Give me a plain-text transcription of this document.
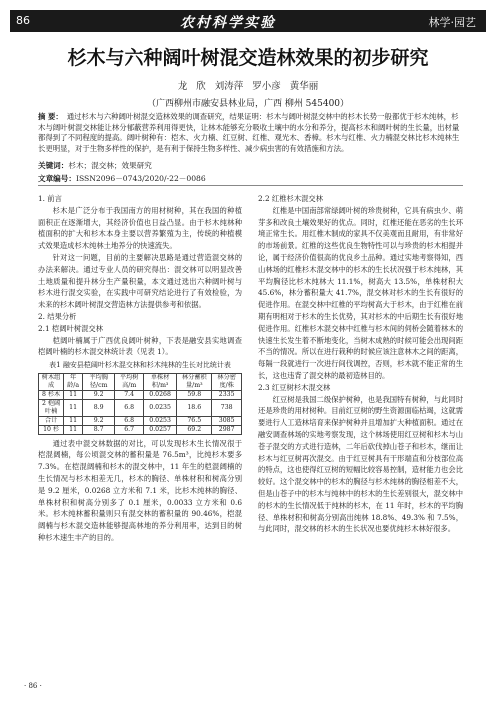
86	农村科学实验	林学·园艺
杉木与六种阔叶树混交造林效果的初步研究
龙 欣 刘涛萍 罗小彦 黄华丽
（广西柳州市融安县林业局，广西 柳州 545400）
摘 要： 通过杉木与六种阔叶树混交造林效果的调查研究，结果证明：杉木与阔叶树混交林中的杉木长势一般都优于杉木纯林，杉木与阔叶树混交林能让林分郁蔽营养利用得更快，让林木能够充分吸收土壤中的水分和养分，提高杉木和阔叶树的生长量，出材量都得到了不同程度的提高。阔叶树种有：桤木、火力楠、红豆树、红椎、观光木、香樟。杉木与红椎、火力楠混交林比杉木纯林生长更明显，对于生物多样性的保护，是有利于保持生物多样性、减少病虫害的有效措施和方法。
关键词：杉木；混交林；效果研究
文章编号：ISSN2096－0743/2020/-22－0086
1. 前言

杉木是广泛分布于我国南方的用材树种，其在我国的种植面积正在逐渐增大，其经济价值也日益凸显。由于杉木纯林种植面积的扩大和杉木本身主要以营养繁殖为主，传统的种植模式效果造成杉木纯林土地养分的快速流失。

针对这一问题，目前的主要解决思路是通过营造混交林的办法来解决。通过专业人员的研究得出：混交林可以明显改善土地质量和提升林分生产量积量，本文通过选出六种阔叶树与杉木进行混交实验，在实践中可研究结论进行了有效检验，为未来的杉木阔叶树混交营造林方法提供参考和依据。

2. 结果分析
2.1 桤阔叶树混交林

桤阔叶楠属于广西优良阔叶树种，下表是融安县实地调查桤阔叶楠的杉木混交林统计表（见表 1）。

表1 融安县桤阔叶杉木混交林和杉木纯林的生长对比统计表
树木组成	年龄/a	平均胸径/cm	平均树高/m	单株材积/m³	林分蓄积量/m³	林分密度/株
8 杉木	11	9.2	7.4	0.0268	59.8	2335
2 桤阔叶楠	11	8.9	6.8	0.0235	18.6	738
合计	11	9.2	6.8	0.0253	76.5	3085
10 杉	11	8.7	6.7	0.0257	69.2	2987

通过表中混交林数据的对比，可以发现杉木生长情况很于桤混阔楠，每公顷混交林的蓄积量是 76.5m³，比纯杉木要多 7.3%。在桤混阔楠和杉木的混交林中，11 年生的桤混阔楠的生长情况与杉木相差无几，杉木的胸径、单株材积和树高分别是 9.2 厘米，0.0268 立方米和 7.1 米，比杉木纯林的胸径、单株材积和树高分别多了 0.1 厘米，0.0033 立方米和 0.6 米。杉木纯林蓄积量则只有混交林的蓄积量的 90.46%，桤混阔楠与杉木混交造林能够提高林地的养分利用率，达到目的树种杉木速生丰产的目的。

2.2 红椎杉木混交林

红椎是中国南部常绿阔叶树的珍贵树种，它具有病虫少、萌芽多和改良土壤效果好的优点。同时，红椎还能在恶劣的生长环境正常生长。用红椎木制成的家具不仅美观而且耐用，有非常好的市场前景。红椎的这些优良生物特性可以与珍贵的杉木相提并论，属于经济价值很高的优良乡土品种。通过实地考察得知，西山林场的红椎杉木混交林中的杉木的生长状况强于杉木纯林，其平均胸径比杉木纯林大 11.1%，树高大 13.5%，单株材积大 45.6%，林分蓄积量大 41.7%，混交林对杉木的生长有很好的促进作用。在混交林中红椎的平均树高大于杉木，由于红椎在前期有明相对于杉木的生长优势，其对杉木的中后期生长有很好地促进作用。红椎杉木混交林中红椎与杉木间的伺桥会随着林木的快速生长发生着不断地变化，当树木成熟的时候可能会出现间距不当的情况。所以在进行栽种的时候应该注意林木之间的距离，每隔一段就进行一次进行间伐调控，否则，杉木就不能正常的生长，这也违背了混交林的最初造林目的。

2.3 红豆树杉木混交林

红豆树是我国二级保护树种，也是我国特有树种，与此同时还是珍贵的用材树种。目前红豆树的野生资源面临枯竭，这就需要进行人工造林培育来保护树种并且增加扩大种植面积。通过在融安调查林场的实地考察发现，这个林场使用红豆树和杉木与山苍子混交的方式进行造林，二年后砍伐掉山苍子和杉木，继而让杉木与红豆树再次混交。由于红豆树具有干形端直和分枝部位高的特点，这也使得红豆树的短幅比较容易控制，造材能力也会比较好。这个混交林中的杉木的胸径与杉木纯林的胸径相差不大，但是山苍子中的杉木与纯林中的杉木的生长差别很大，混交林中的杉木的生长情况低于纯林的杉木，在 11 年时，杉木的平均胸径、单株材积和树高分别高出纯林 18.8%、49.3% 和 7.5%，与此同时，混交林的杉木的生长状况也要优纯杉木林好很多。

· 86 ·
